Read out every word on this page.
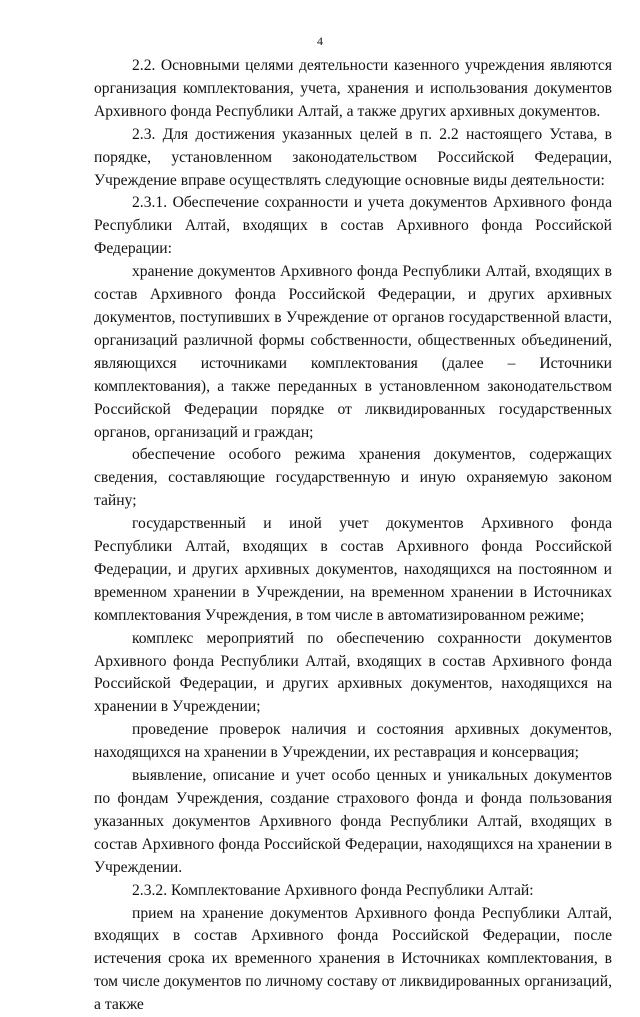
4

2.2. Основными целями деятельности казенного учреждения являются организация комплектования, учета, хранения и использования документов Архивного фонда Республики Алтай, а также других архивных документов.

2.3. Для достижения указанных целей в п. 2.2 настоящего Устава, в порядке, установленном законодательством Российской Федерации, Учреждение вправе осуществлять следующие основные виды деятельности:

2.3.1. Обеспечение сохранности и учета документов Архивного фонда Республики Алтай, входящих в состав Архивного фонда Российской Федерации:

хранение документов Архивного фонда Республики Алтай, входящих в состав Архивного фонда Российской Федерации, и других архивных документов, поступивших в Учреждение от органов государственной власти, организаций различной формы собственности, общественных объединений, являющихся источниками комплектования (далее – Источники комплектования), а также переданных в установленном законодательством Российской Федерации порядке от ликвидированных государственных органов, организаций и граждан;

обеспечение особого режима хранения документов, содержащих сведения, составляющие государственную и иную охраняемую законом тайну;

государственный и иной учет документов Архивного фонда Республики Алтай, входящих в состав Архивного фонда Российской Федерации, и других архивных документов, находящихся на постоянном и временном хранении в Учреждении, на временном хранении в Источниках комплектования Учреждения, в том числе в автоматизированном режиме;

комплекс мероприятий по обеспечению сохранности документов Архивного фонда Республики Алтай, входящих в состав Архивного фонда Российской Федерации, и других архивных документов, находящихся на хранении в Учреждении;

проведение проверок наличия и состояния архивных документов, находящихся на хранении в Учреждении, их реставрация и консервация;

выявление, описание и учет особо ценных и уникальных документов по фондам Учреждения, создание страхового фонда и фонда пользования указанных документов Архивного фонда Республики Алтай, входящих в состав Архивного фонда Российской Федерации, находящихся на хранении в Учреждении.

2.3.2. Комплектование Архивного фонда Республики Алтай:

прием на хранение документов Архивного фонда Республики Алтай, входящих в состав Архивного фонда Российской Федерации, после истечения срока их временного хранения в Источниках комплектования, в том числе документов по личному составу от ликвидированных организаций, а также
